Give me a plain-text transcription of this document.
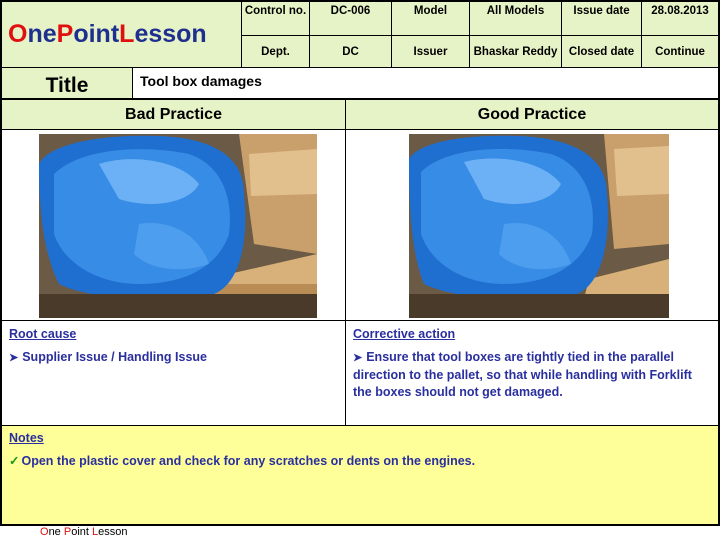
O ne P oint L esson
Control no.	DC-006	Model	All Models	Issue date	28.08.2013
Dept.	DC	Issuer	Bhaskar Reddy	Closed date	Continue
Title	Tool box damages
Bad Practice	Good Practice
Root cause
➤ Supplier Issue / Handling Issue
Corrective action
➤ Ensure that tool boxes are tightly tied in the parallel direction to the pallet, so that while handling with Forklift the boxes should not get damaged.
Notes
✓ Open the plastic cover and check for any scratches or dents on the engines.
One Point Lesson
